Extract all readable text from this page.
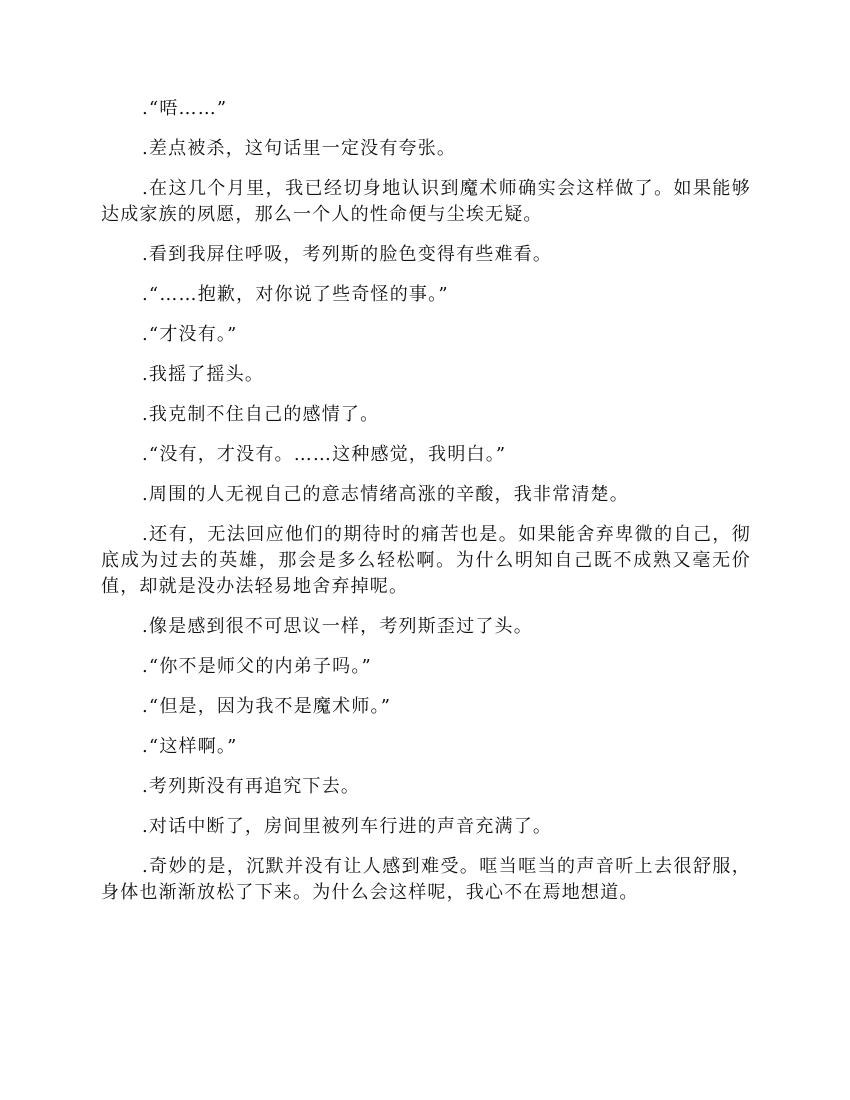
.“唔……”

.差点被杀，这句话里一定没有夸张。

.在这几个月里，我已经切身地认识到魔术师确实会这样做了。如果能够达成家族的夙愿，那么一个人的性命便与尘埃无疑。

.看到我屏住呼吸，考列斯的脸色变得有些难看。

.“……抱歉，对你说了些奇怪的事。”

.“才没有。”

.我摇了摇头。

.我克制不住自己的感情了。

.“没有，才没有。……这种感觉，我明白。”

.周围的人无视自己的意志情绪高涨的辛酸，我非常清楚。

.还有，无法回应他们的期待时的痛苦也是。如果能舍弃卑微的自己，彻底成为过去的英雄，那会是多么轻松啊。为什么明知自己既不成熟又毫无价值，却就是没办法轻易地舍弃掉呢。

.像是感到很不可思议一样，考列斯歪过了头。

.“你不是师父的内弟子吗。”

.“但是，因为我不是魔术师。”

.“这样啊。”

.考列斯没有再追究下去。

.对话中断了，房间里被列车行进的声音充满了。

.奇妙的是，沉默并没有让人感到难受。哐当哐当的声音听上去很舒服，身体也渐渐放松了下来。为什么会这样呢，我心不在焉地想道。
